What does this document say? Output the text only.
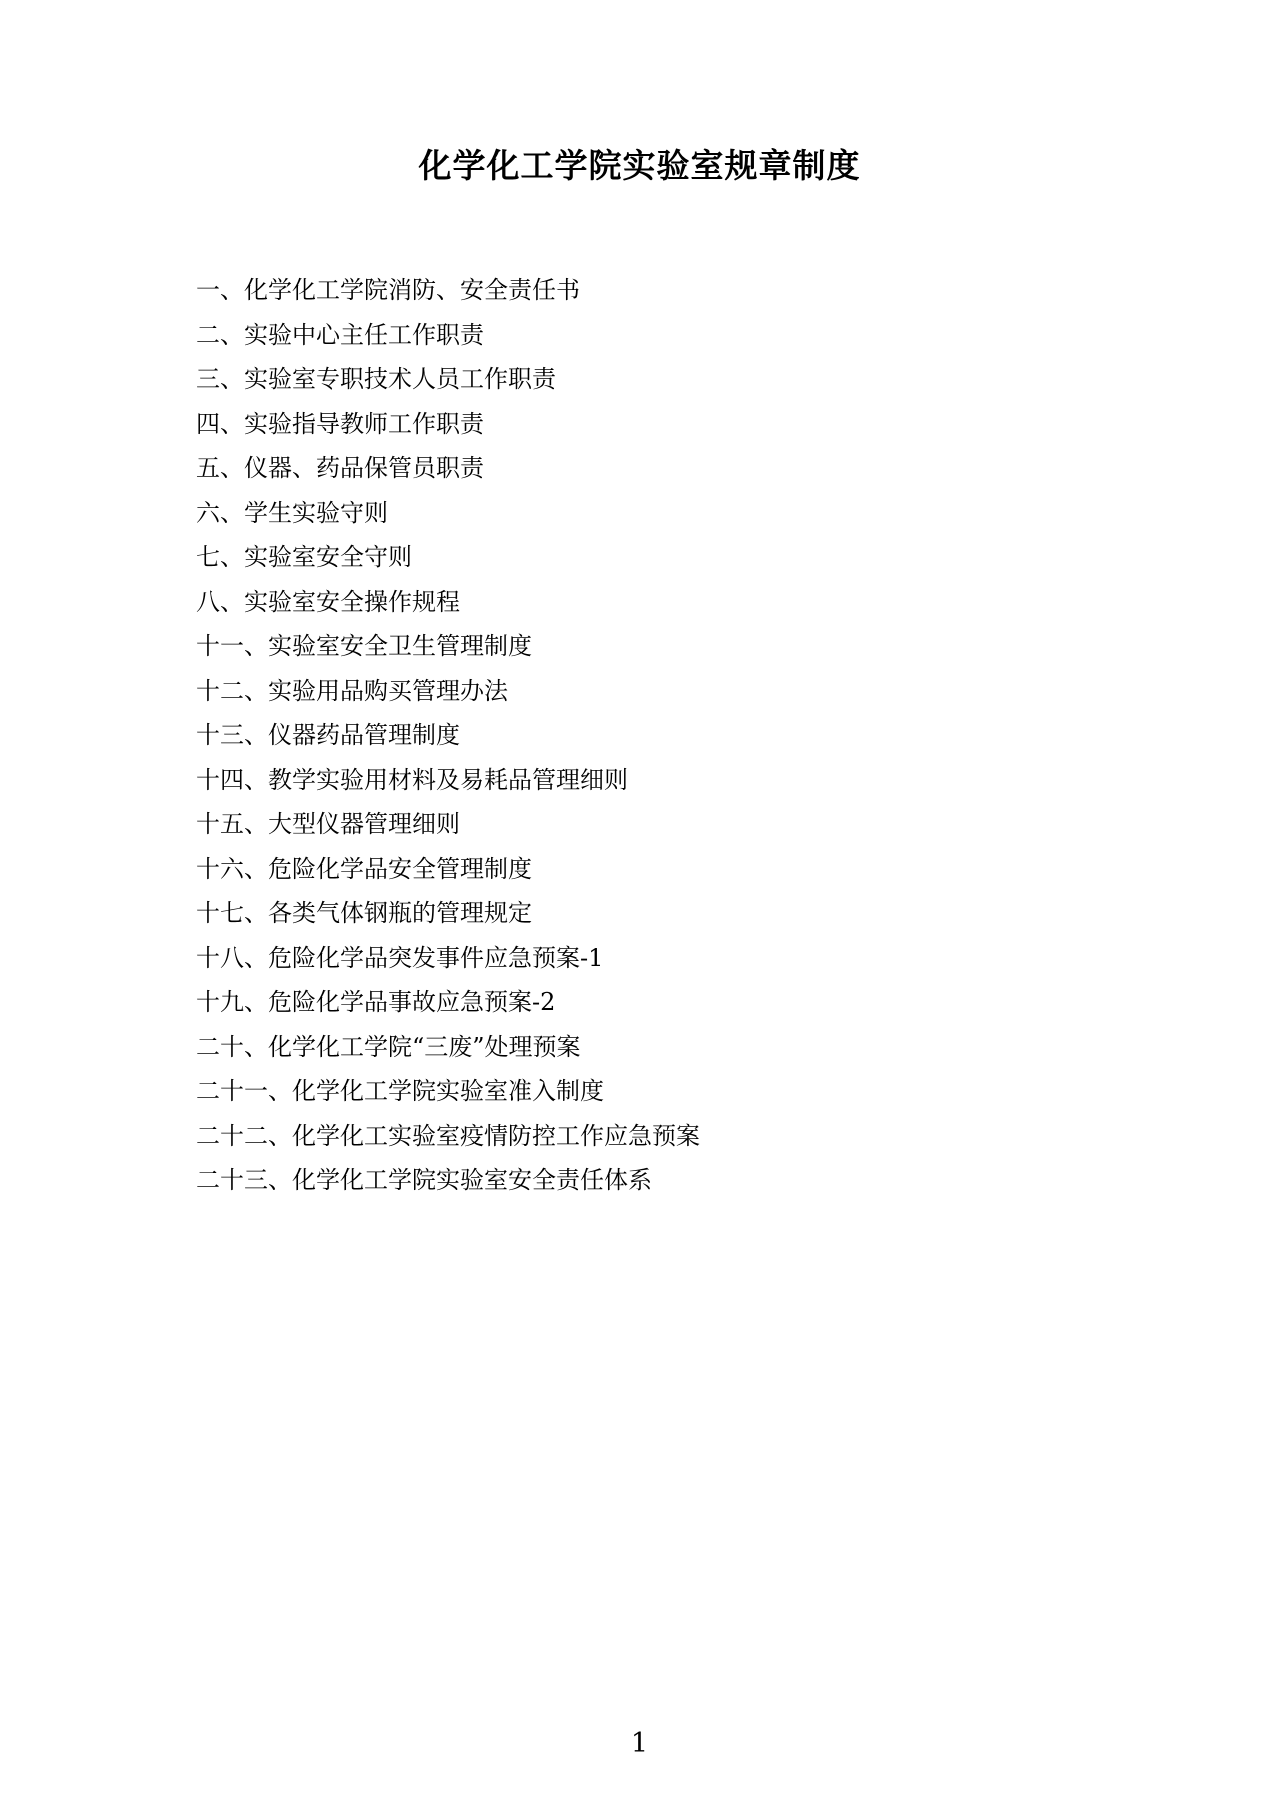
化学化工学院实验室规章制度
一、化学化工学院消防、安全责任书
二、实验中心主任工作职责
三、实验室专职技术人员工作职责
四、实验指导教师工作职责
五、仪器、药品保管员职责
六、学生实验守则
七、实验室安全守则
八、实验室安全操作规程
十一、实验室安全卫生管理制度
十二、实验用品购买管理办法
十三、仪器药品管理制度
十四、教学实验用材料及易耗品管理细则
十五、大型仪器管理细则
十六、危险化学品安全管理制度
十七、各类气体钢瓶的管理规定
十八、危险化学品突发事件应急预案-1
十九、危险化学品事故应急预案-2
二十、化学化工学院“三废”处理预案
二十一、化学化工学院实验室准入制度
二十二、化学化工实验室疫情防控工作应急预案
二十三、化学化工学院实验室安全责任体系
1
